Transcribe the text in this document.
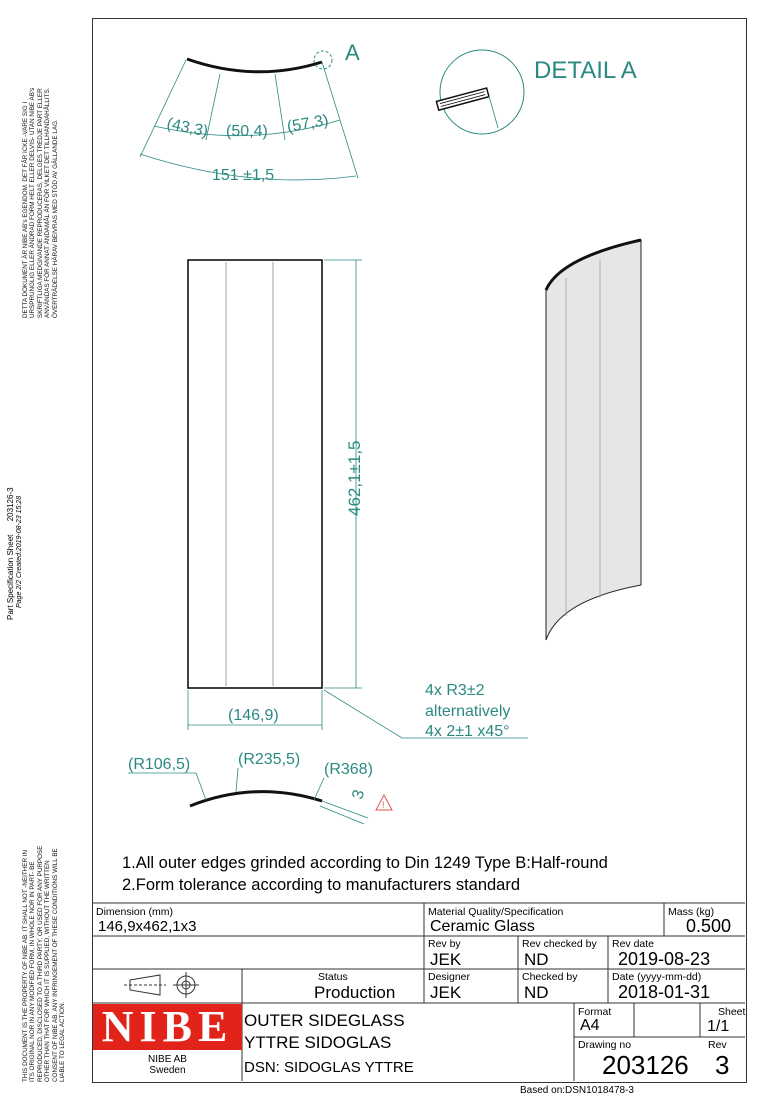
DETTA DOKUMENT ÄR NIBE AB's EGENDOM. DET FÅR ICKE -VARE SIG I URSPRUNGLIG ELLER ÄNDRAD FORM HELT ELLER DELVIS- UTAN NIBE AB's SKRIFTLIGA MEDGIVANDE REPRODUCERAS, DELGES TREDJE PART ELLER ANVÄNDAS FÖR ANNAT ÄNDAMÅL ÄN FÖR VILKET DET TILLHANDAHÅLLITS. ÖVERTRÄDELSE HÄRAV BEIVRAS MED STÖD AV GÄLLANDE LAG.
Part Specification Sheet      203126-3 Page 2/2 Created:2019-08-23 15:28
THIS DOCUMENT IS THE PROPERTY OF NIBE AB. IT SHALL NOT -NEITHER IN ITS ORIGINAL NOR IN ANY MODIFIED FORM, IN WHOLE NOR IN PART- BE REPRODUCED, DISCLOSED TO A THIRD PARTY, OR USED FOR ANY PURPOSE OTHER THAN THAT FOR WHICH IT IS SUPPLIED, WITHOUT THE WRITTEN CONSENT OF NIBE AB. ANY INFRINGEMENT OF THESE CONDITIONS WILL BE LIABLE TO LEGAL ACTION.
A
(43,3) (50,4) (57,3)
151 ±1,5
DETAIL A
462,1±1,5
(146,9)
4x R3±2
alternatively
4x 2±1 x45°
(R106,5)	(R235,5)
(R368)
3
!
1.All outer edges grinded according to Din 1249 Type B:Half-round
2.Form tolerance according to manufacturers standard
Dimension (mm)
146,9x462,1x3
Material Quality/Specification
Ceramic Glass
Mass (kg)
0.500
Rev by
JEK
Rev checked by
ND
Rev date
2019-08-23
Status
Production
Designer
JEK
Checked by
ND
Date (yyyy-mm-dd)
2018-01-31
NIBE
NIBE AB
Sweden
OUTER SIDEGLASS
YTTRE SIDOGLAS
DSN: SIDOGLAS YTTRE
Format
A4
Sheet
1/1
Drawing no
203126
Rev
3
Based on:DSN1018478-3
